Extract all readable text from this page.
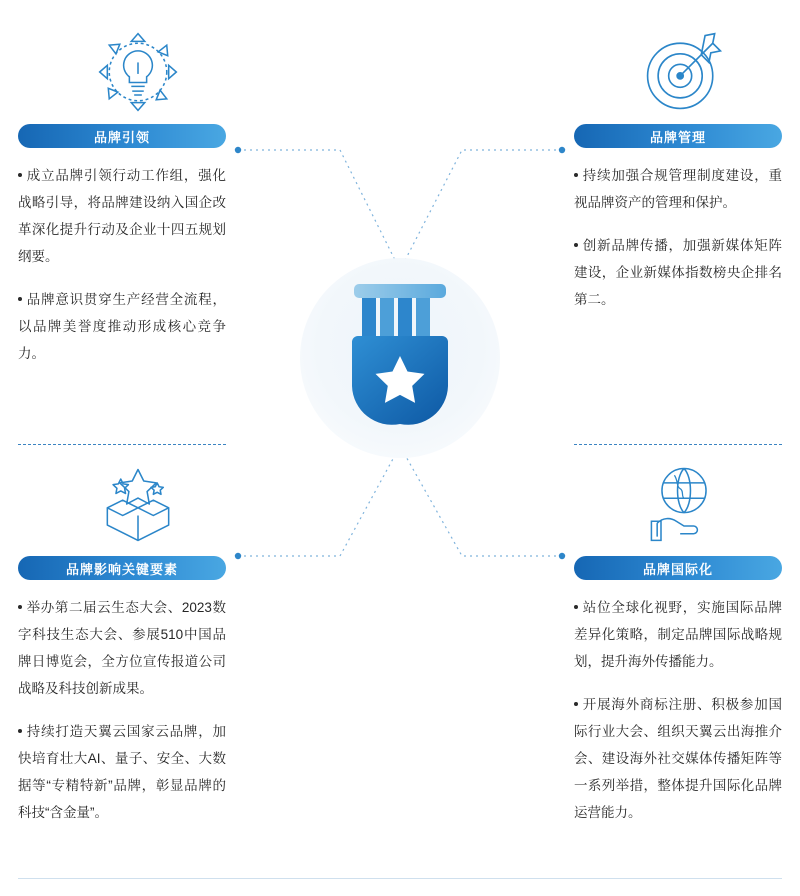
品牌引领

成立品牌引领行动工作组，强化战略引导，将品牌建设纳入国企改革深化提升行动及企业十四五规划纲要。

品牌意识贯穿生产经营全流程，以品牌美誉度推动形成核心竞争力。

品牌管理

持续加强合规管理制度建设，重视品牌资产的管理和保护。

创新品牌传播，加强新媒体矩阵建设，企业新媒体指数榜央企排名第二。

品牌影响关键要素

举办第二届云生态大会、2023数字科技生态大会、参展510中国品牌日博览会，全方位宣传报道公司战略及科技创新成果。

持续打造天翼云国家云品牌，加快培育壮大AI、量子、安全、大数据等“专精特新”品牌，彰显品牌的科技“含金量”。

品牌国际化

站位全球化视野，实施国际品牌差异化策略，制定品牌国际战略规划，提升海外传播能力。

开展海外商标注册、积极参加国际行业大会、组织天翼云出海推介会、建设海外社交媒体传播矩阵等一系列举措，整体提升国际化品牌运营能力。
